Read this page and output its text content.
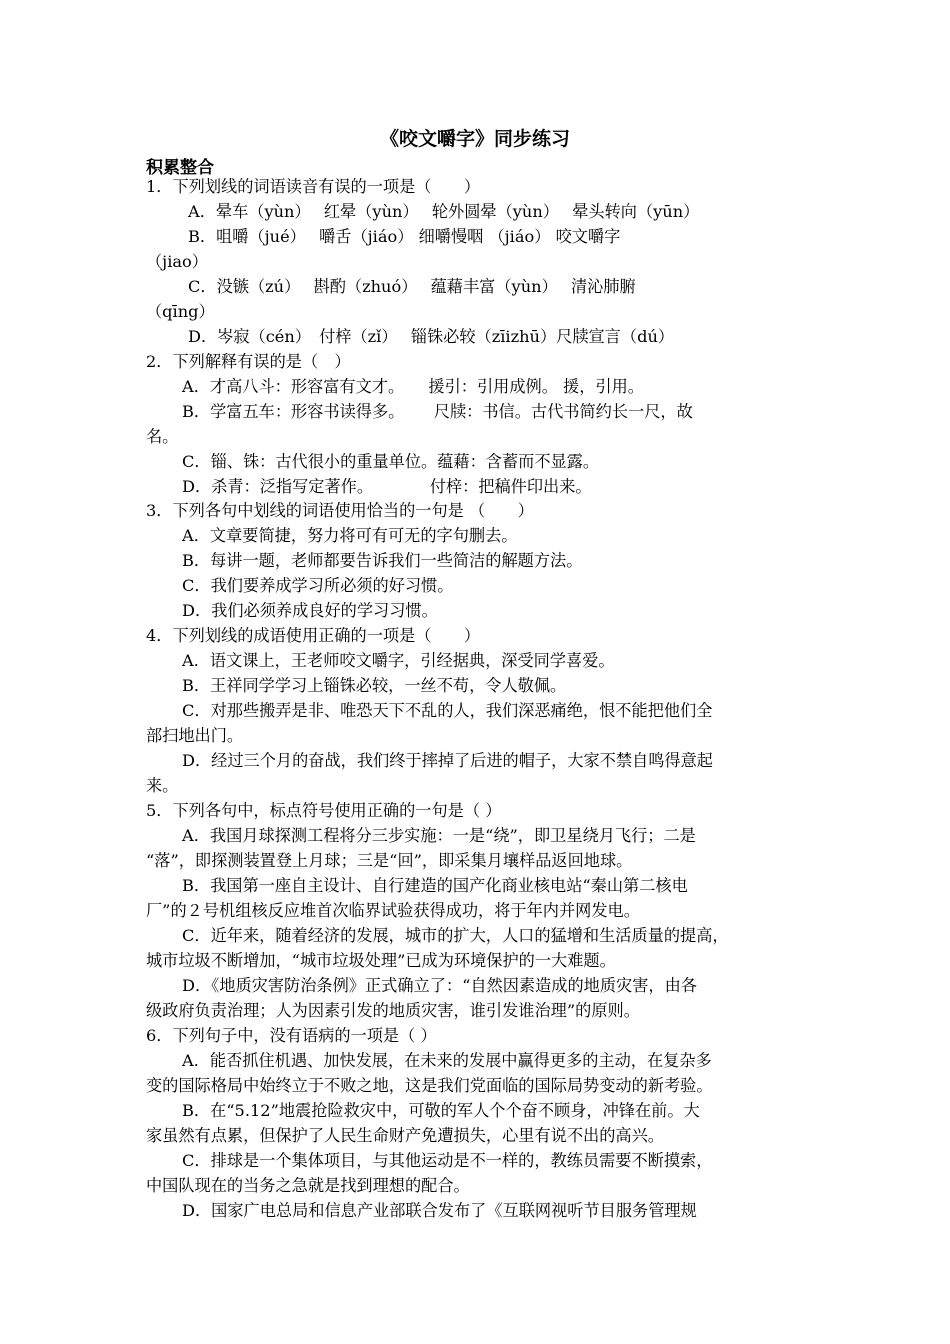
《咬文嚼字》同步练习
积累整合
1．下列划线的词语读音有误的一项是（　　）
A．晕车（yùn）　 红晕（yùn）　 轮外圆晕（yùn）　 晕头转向（yūn）
B．咀嚼（jué）　 嚼舌（jiáo） 细嚼慢咽 （jiáo） 咬文嚼字
（jiao）
C．没镞（zú）　 斟酌（zhuó）　 蕴藉丰富（yùn）　 清沁肺腑
（qīng）
D．岑寂（cén）　付梓（zǐ）　 锱铢必较（zīizhū）尺牍宣言（dú）
2．下列解释有误的是（　）
A．才高八斗：形容富有文才。　　援引：引用成例。 援，引用。
B．学富五车：形容书读得多。　　 尺牍：书信。古代书简约长一尺，故
名。
C．锱、铢：古代很小的重量单位。蕴藉：含蓄而不显露。
D．杀青：泛指写定著作。　　　　付梓：把稿件印出来。
3．下列各句中划线的词语使用恰当的一句是 （　　）
A．文章要简捷，努力将可有可无的字句删去。
B．每讲一题，老师都要告诉我们一些简洁的解题方法。
C．我们要养成学习所必须的好习惯。
D．我们必须养成良好的学习习惯。
4．下列划线的成语使用正确的一项是（　　）
A．语文课上，王老师咬文嚼字，引经据典，深受同学喜爱。
B．王祥同学学习上锱铢必较，一丝不苟，令人敬佩。
C．对那些搬弄是非、唯恐天下不乱的人，我们深恶痛绝，恨不能把他们全
部扫地出门。
D．经过三个月的奋战，我们终于摔掉了后进的帽子，大家不禁自鸣得意起
来。
5．下列各句中，标点符号使用正确的一句是（ ）
A．我国月球探测工程将分三步实施：一是“绕”，即卫星绕月飞行；二是
“落”，即探测装置登上月球；三是“回”，即采集月壤样品返回地球。
B．我国第一座自主设计、自行建造的国产化商业核电站“秦山第二核电
厂”的２号机组核反应堆首次临界试验获得成功，将于年内并网发电。
C．近年来，随着经济的发展，城市的扩大，人口的猛增和生活质量的提高，
城市垃圾不断增加，“城市垃圾处理”已成为环境保护的一大难题。
D．《地质灾害防治条例》正式确立了：“自然因素造成的地质灾害，由各
级政府负责治理；人为因素引发的地质灾害，谁引发谁治理”的原则。
6．下列句子中，没有语病的一项是（ ）
A．能否抓住机遇、加快发展，在未来的发展中赢得更多的主动，在复杂多
变的国际格局中始终立于不败之地，这是我们党面临的国际局势变动的新考验。
B．在“5.12”地震抢险救灾中，可敬的军人个个奋不顾身，冲锋在前。大
家虽然有点累，但保护了人民生命财产免遭损失，心里有说不出的高兴。
C．排球是一个集体项目，与其他运动是不一样的，教练员需要不断摸索，
中国队现在的当务之急就是找到理想的配合。
D．国家广电总局和信息产业部联合发布了《互联网视听节目服务管理规
